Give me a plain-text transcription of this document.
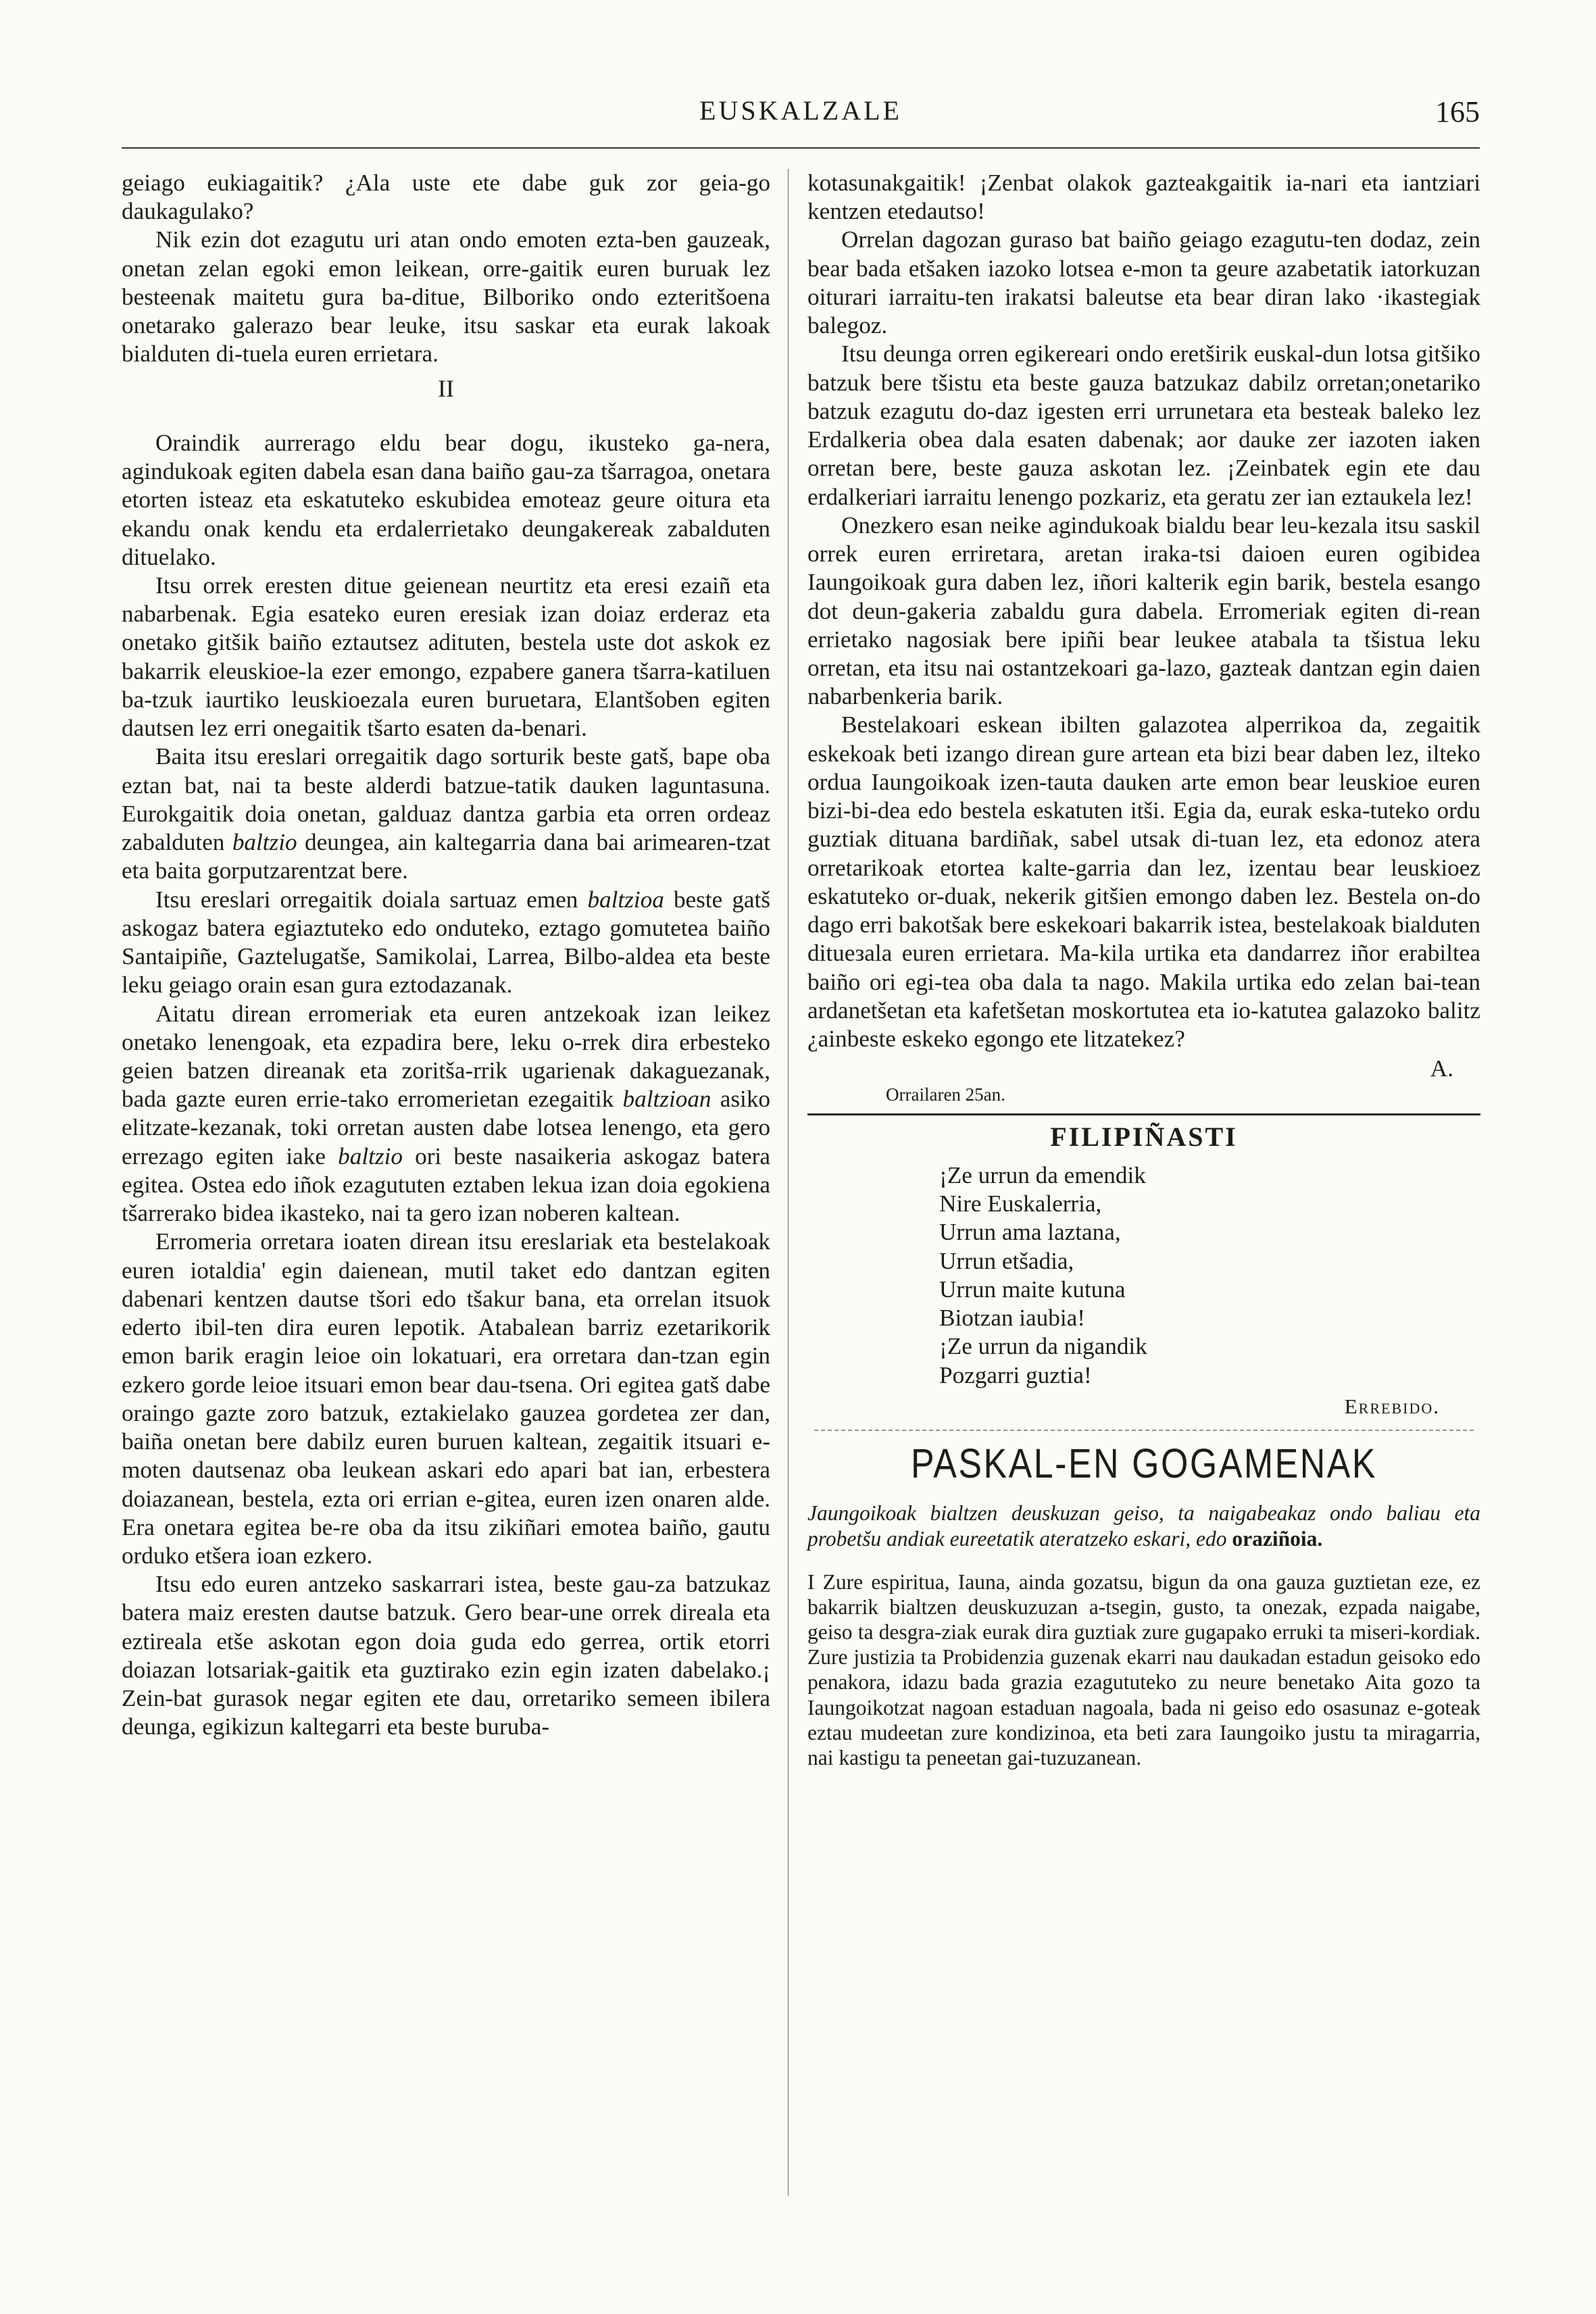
EUSKALZALE	165

geiago eukiagaitik? ¿Ala uste ete dabe guk zor geia-go daukagulako?

Nik ezin dot ezagutu uri atan ondo emoten ezta-ben gauzeak, onetan zelan egoki emon leikean, orre-gaitik euren buruak lez besteenak maitetu gura ba-ditue, Bilboriko ondo ezteritšoena onetarako galerazo bear leuke, itsu saskar eta eurak lakoak bialduten di-tuela euren errietara.

II

Oraindik aurrerago eldu bear dogu, ikusteko ga-nera, agindukoak egiten dabela esan dana baiño gau-za tšarragoa, onetara etorten isteaz eta eskatuteko eskubidea emoteaz geure oitura eta ekandu onak kendu eta erdalerrietako deungakereak zabalduten dituelako.

Itsu orrek eresten ditue geienean neurtitz eta eresi ezaiñ eta nabarbenak. Egia esateko euren eresiak izan doiaz erderaz eta onetako gitšik baiño eztautsez adituten, bestela uste dot askok ez bakarrik eleuskioe-la ezer emongo, ezpabere ganera tšarra-katiluen ba-tzuk iaurtiko leuskioezala euren buruetara, Elantšoben egiten dautsen lez erri onegaitik tšarto esaten da-benari.

Baita itsu ereslari orregaitik dago sorturik beste gatš, bape oba eztan bat, nai ta beste alderdi batzue-tatik dauken laguntasuna. Eurokgaitik doia onetan, galduaz dantza garbia eta orren ordeaz zabalduten baltzio deungea, ain kaltegarria dana bai arimearen-tzat eta baita gorputzarentzat bere.

Itsu ereslari orregaitik doiala sartuaz emen baltzioa beste gatš askogaz batera egiaztuteko edo onduteko, eztago gomutetea baiño Santaipiñe, Gaztelugatše, Samikolai, Larrea, Bilbo-aldea eta beste leku geiago orain esan gura eztodazanak.

Aitatu direan erromeriak eta euren antzekoak izan leikez onetako lenengoak, eta ezpadira bere, leku o-rrek dira erbesteko geien batzen direanak eta zoritša-rrik ugarienak dakaguezanak, bada gazte euren errie-tako erromerietan ezegaitik baltzioan asiko elitzate-kezanak, toki orretan austen dabe lotsea lenengo, eta gero errezago egiten iake baltzio ori beste nasaikeria askogaz batera egitea. Ostea edo iñok ezagututen eztaben lekua izan doia egokiena tšarrerako bidea ikasteko, nai ta gero izan noberen kaltean.

Erromeria orretara ioaten direan itsu ereslariak eta bestelakoak euren iotaldia' egin daienean, mutil taket edo dantzan egiten dabenari kentzen dautse tšori edo tšakur bana, eta orrelan itsuok ederto ibil-ten dira euren lepotik. Atabalean barriz ezetarikorik emon barik eragin leioe oin lokatuari, era orretara dan-tzan egin ezkero gorde leioe itsuari emon bear dau-tsena. Ori egitea gatš dabe oraingo gazte zoro batzuk, eztakielako gauzea gordetea zer dan, baiña onetan bere dabilz euren buruen kaltean, zegaitik itsuari e-moten dautsenaz oba leukean askari edo apari bat ian, erbestera doiazanean, bestela, ezta ori errian e-gitea, euren izen onaren alde. Era onetara egitea be-re oba da itsu zikiñari emotea baiño, gautu orduko etšera ioan ezkero.

Itsu edo euren antzeko saskarrari istea, beste gau-za batzukaz batera maiz eresten dautse batzuk. Gero bear-une orrek direala eta eztireala etše askotan egon doia guda edo gerrea, ortik etorri doiazan lotsariak-gaitik eta guztirako ezin egin izaten dabelako.¡ Zein-bat gurasok negar egiten ete dau, orretariko semeen ibilera deunga, egikizun kaltegarri eta beste buruba-

kotasunakgaitik! ¡Zenbat olakok gazteakgaitik ia-nari eta iantziari kentzen etedautso!

Orrelan dagozan guraso bat baiño geiago ezagutu-ten dodaz, zein bear bada etšaken iazoko lotsea e-mon ta geure azabetatik iatorkuzan oiturari iarraitu-ten irakatsi baleutse eta bear diran lako ·ikastegiak balegoz.

Itsu deunga orren egikereari ondo eretširik euskal-dun lotsa gitšiko batzuk bere tšistu eta beste gauza batzukaz dabilz orretan;onetariko batzuk ezagutu do-daz igesten erri urrunetara eta besteak baleko lez Erdalkeria obea dala esaten dabenak; aor dauke zer iazoten iaken orretan bere, beste gauza askotan lez. ¡Zeinbatek egin ete dau erdalkeriari iarraitu lenengo pozkariz, eta geratu zer ian eztaukela lez!

Onezkero esan neike agindukoak bialdu bear leu-kezala itsu saskil orrek euren erriretara, aretan iraka-tsi daioen euren ogibidea Iaungoikoak gura daben lez, iñori kalterik egin barik, bestela esango dot deun-gakeria zabaldu gura dabela. Erromeriak egiten di-rean errietako nagosiak bere ipiñi bear leukee atabala ta tšistua leku orretan, eta itsu nai ostantzekoari ga-lazo, gazteak dantzan egin daien nabarbenkeria barik.

Bestelakoari eskean ibilten galazotea alperrikoa da, zegaitik eskekoak beti izango direan gure artean eta bizi bear daben lez, ilteko ordua Iaungoikoak izen-tauta dauken arte emon bear leuskioe euren bizi-bi-dea edo bestela eskatuten itši. Egia da, eurak eska-tuteko ordu guztiak dituana bardiñak, sabel utsak di-tuan lez, eta edonoz atera orretarikoak etortea kalte-garria dan lez, izentau bear leuskioez eskatuteko or-duak, nekerik gitšien emongo daben lez. Bestela on-do dago erri bakotšak bere eskekoari bakarrik istea, bestelakoak bialduten ditueзala euren errietara. Ma-kila urtika eta dandarrez iñor erabiltea baiño ori egi-tea oba dala ta nago. Makila urtika edo zelan bai-tean ardanetšetan eta kafetšetan moskortutea eta io-katutea galazoko balitz ¿ainbeste eskeko egongo ete litzatekez?

A.
Orrailaren 25an.
FILIPIÑASTI
¡Ze urrun da emendik
Nire Euskalerria,
Urrun ama laztana,
Urrun etšadia,
Urrun maite kutuna
Biotzan iaubia!
¡Ze urrun da nigandik
Pozgarri guztia!
Errebido.
PASKAL-EN GOGAMENAK

Jaungoikoak bialtzen deuskuzan geiso, ta naigabeakaz ondo baliau eta probetšu andiak eureetatik ateratzeko eskari, edo oraziñoia.

I Zure espiritua, Iauna, ainda gozatsu, bigun da ona gauza guztietan eze, ez bakarrik bialtzen deuskuzuzan a-tsegin, gusto, ta onezak, ezpada naigabe, geiso ta desgra-ziak eurak dira guztiak zure gugapako erruki ta miseri-kordiak. Zure justizia ta Probidenzia guzenak ekarri nau daukadan estadun geisoko edo penakora, idazu bada grazia ezagututeko zu neure benetako Aita gozo ta Iaungoikotzat nagoan estaduan nagoala, bada ni geiso edo osasunaz e-goteak eztau mudeetan zure kondizinoa, eta beti zara Iaungoiko justu ta miragarria, nai kastigu ta peneetan gai-tuzuzanean.
